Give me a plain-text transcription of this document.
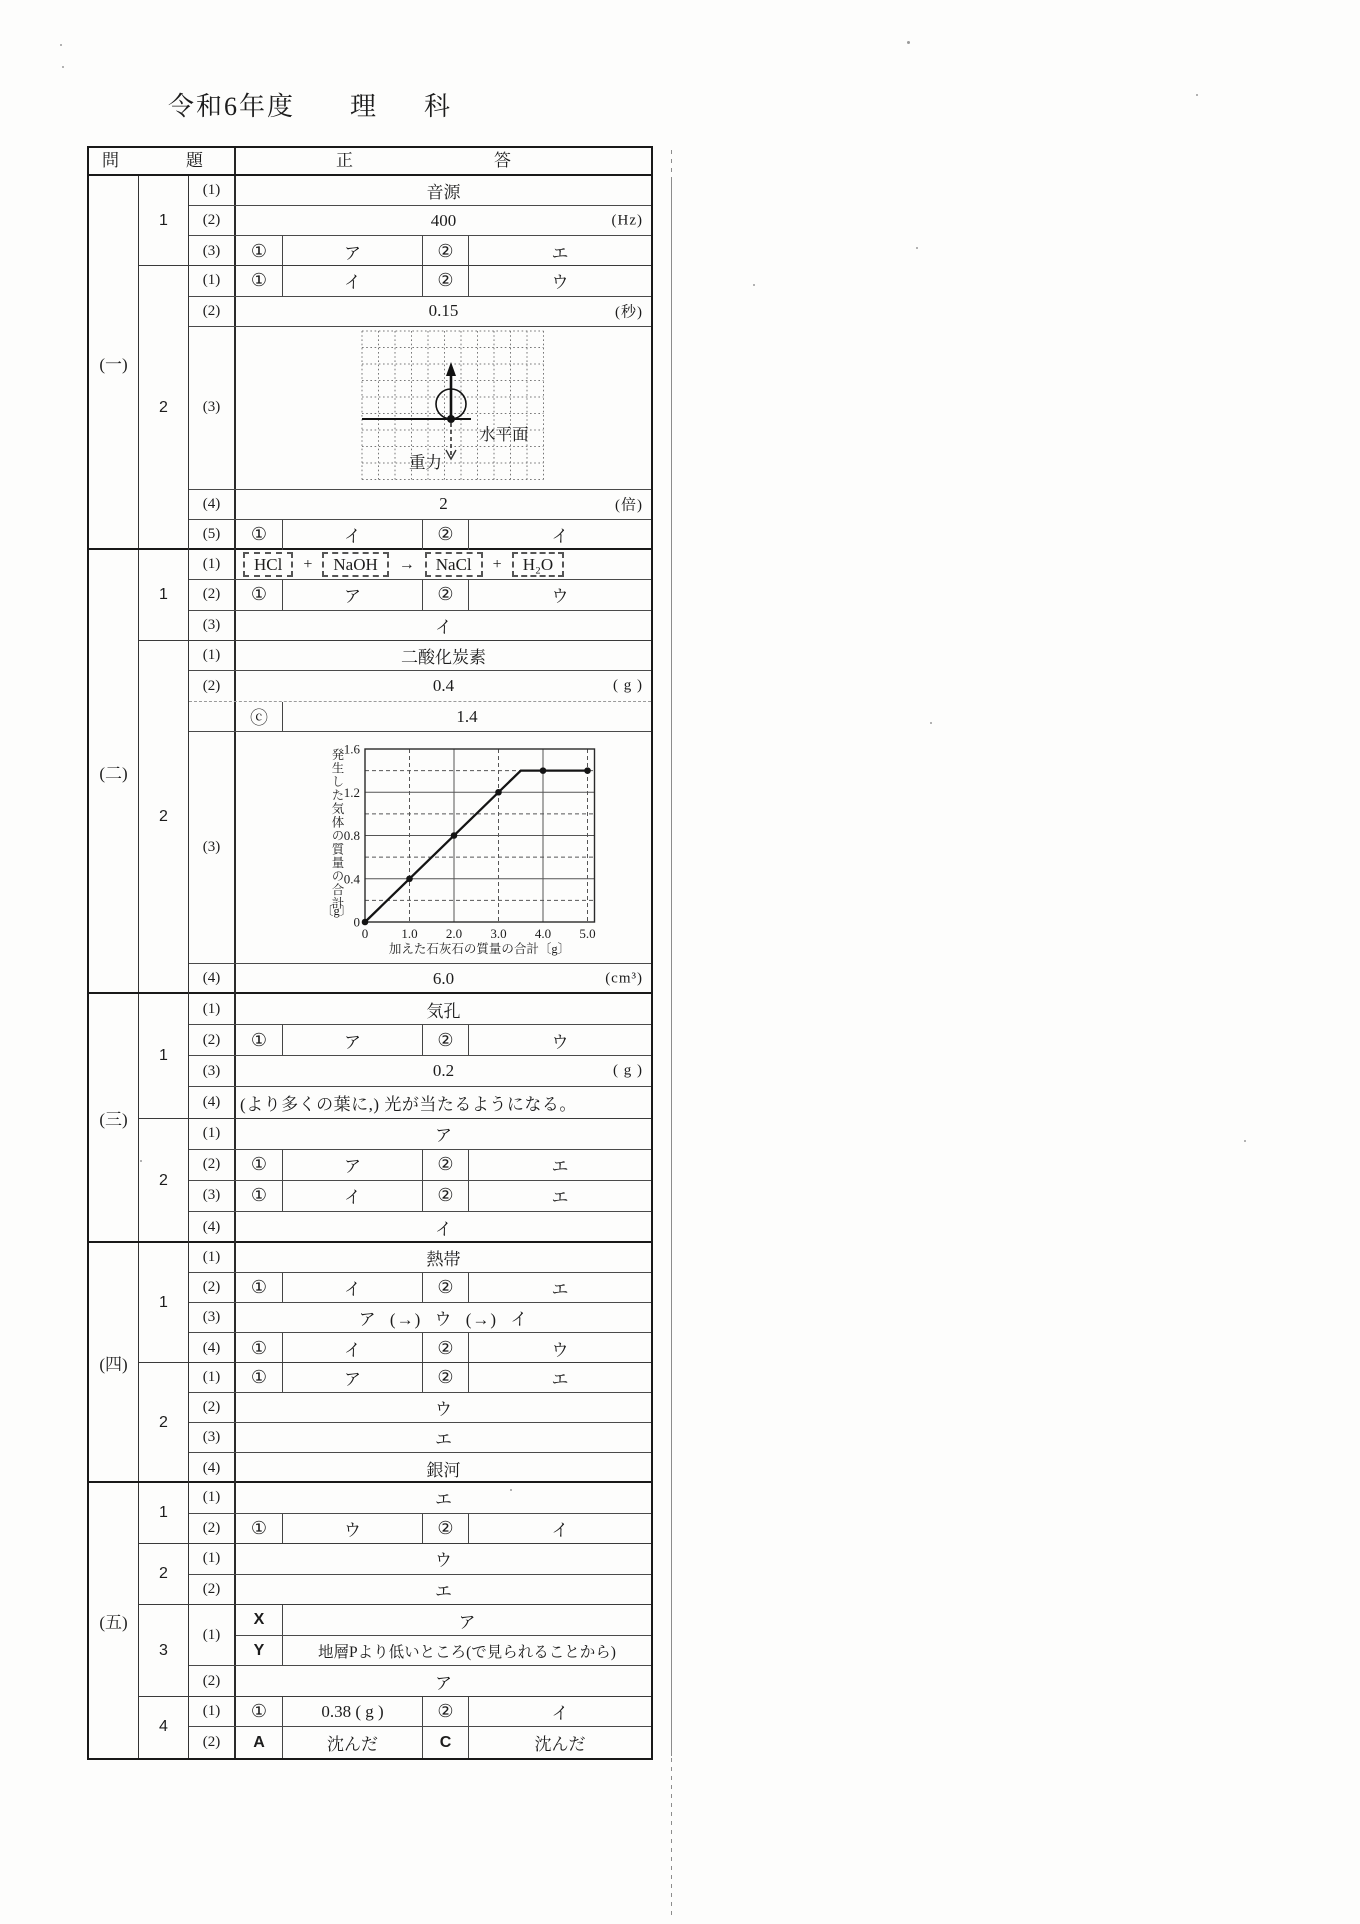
令和6年度 理 科
問	題	正	答
(一)
1
(1)	音源
(2)	400	(Hz)
(3) ①	ア	②	エ
2
(1) ①	イ	②	ウ
(2)	0.15	(秒)
(3)
水平面
重力
(4)	2	(倍)
(5) ①	イ	②	イ
(二)
1
(1)	HCl	+	NaOH	→	NaCl	+	H₂O
(2) ①	ア	②	ウ
(3)	イ
2
(1)	二酸化炭素
(2)	0.4	( g )
ⓒ	1.4
(3)
0
0.4
0.8
1.2
1.6
0	1.0 2.0 3.0 4.0 5.0
発生した気体の質量の合計
〔g〕
加えた石灰石の質量の合計〔g〕
(4)	6.0	(cm³)
(三)
1
(1)	気孔
(2) ①	ア	②	ウ
(3)	0.2	( g )
(4) (より多くの葉に,) 光が当たるようになる。
2
(1)	ア
(2) ①	ア	②	エ
(3) ①	イ	②	エ
(4)	イ
(四)
1
(1)	熱帯
(2) ①	イ	②	エ
(3)	ア (→) ウ (→) イ
(4) ①	イ	②	ウ
2
(1) ①	ア	②	エ
(2)	ウ
(3)	エ
(4)	銀河
(五)
1
(1)	エ
(2) ①	ウ	②	イ
2
(1)	ウ
(2)	エ
3
(1)
X	ア
Y	地層Pより低いところ(で見られることから)
(2)	ア
4
(1) ①	0.38 ( g )	②	イ
(2) A	沈んだ	C	沈んだ
